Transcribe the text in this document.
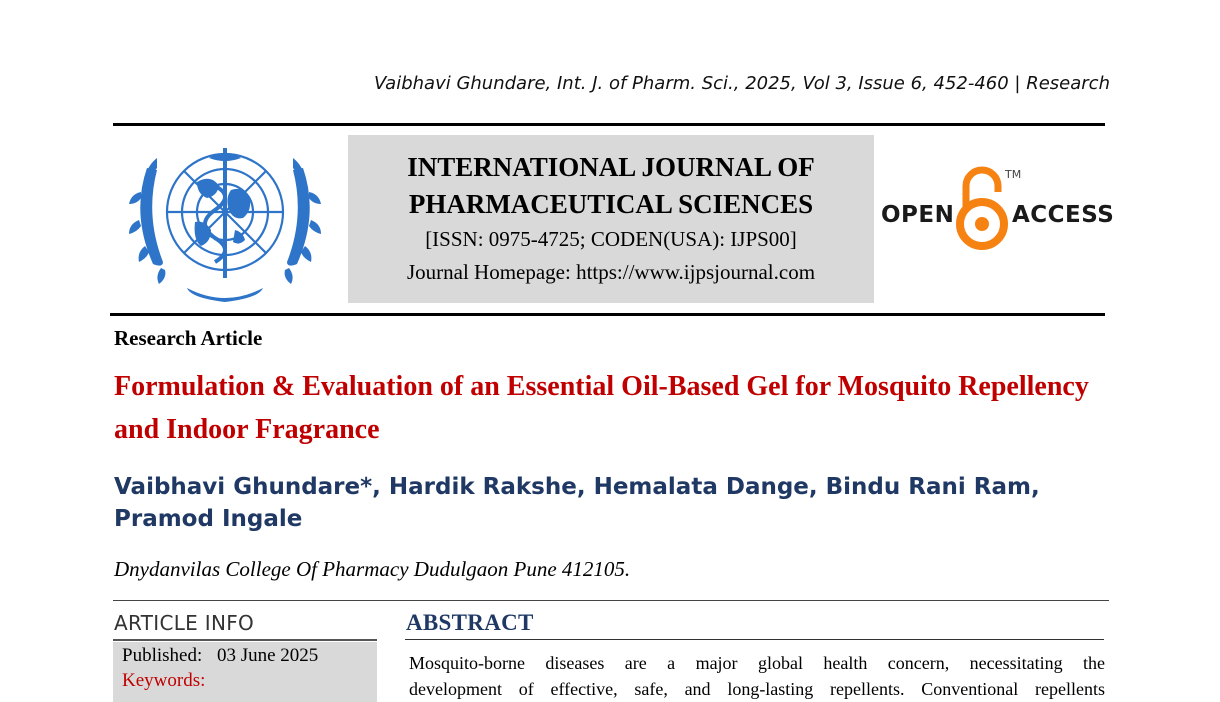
Vaibhavi Ghundare, Int. J. of Pharm. Sci., 2025, Vol 3, Issue 6, 452-460 | Research
INTERNATIONAL JOURNAL OF
PHARMACEUTICAL SCIENCES
[ISSN: 0975-4725; CODEN(USA): IJPS00]
Journal Homepage: https://www.ijpsjournal.com
OPEN
TM
ACCESS
Research Article
Formulation & Evaluation of an Essential Oil-Based Gel for Mosquito Repellency and Indoor Fragrance
Vaibhavi Ghundare*, Hardik Rakshe, Hemalata Dange, Bindu Rani Ram, Pramod Ingale
Dnydanvilas College Of Pharmacy Dudulgaon Pune 412105.
ARTICLE INFO
Published: 03 June 2025
Keywords:
ABSTRACT
Mosquito-borne diseases are a major global health concern, necessitating the
development of effective, safe, and long-lasting repellents. Conventional repellents
